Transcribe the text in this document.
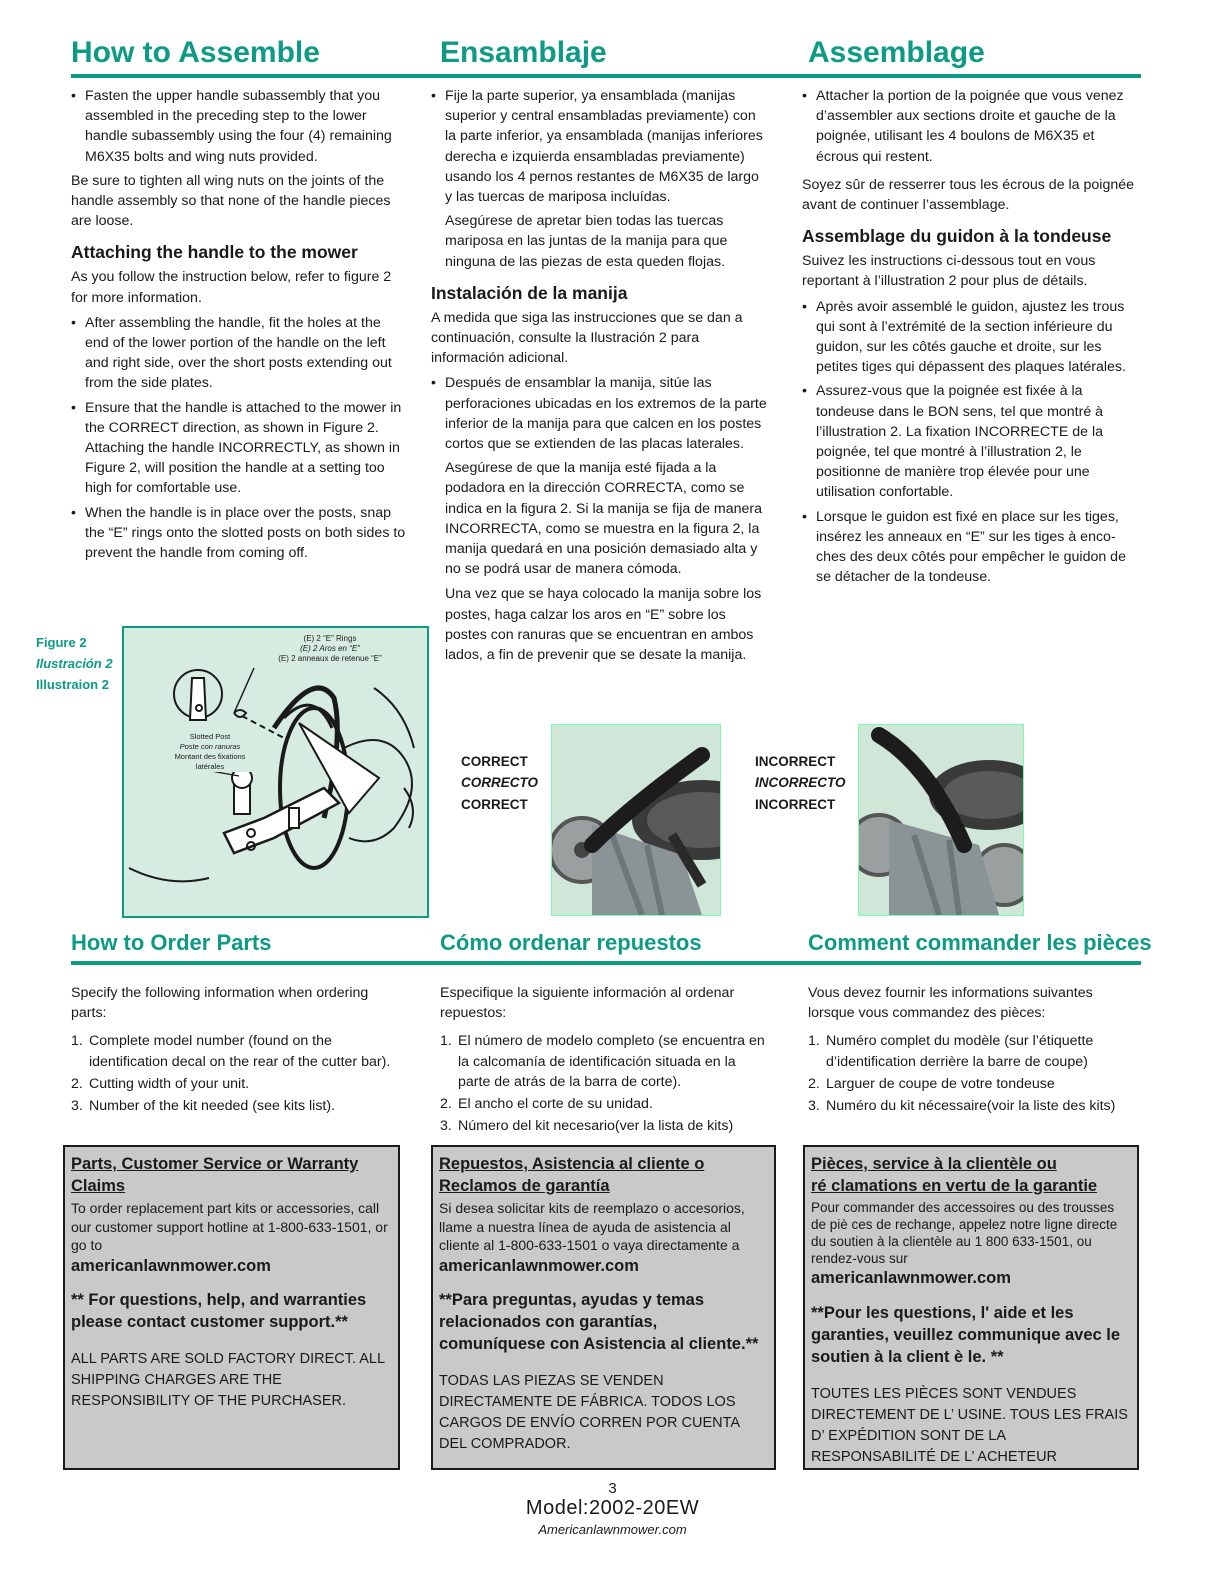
How to Assemble	Ensamblaje	Assemblage
• Fasten the upper handle subassembly that you assembled in the preceding step to the lower handle subassembly using the four (4) remaining M6X35 bolts and wing nuts provided.

Be sure to tighten all wing nuts on the joints of the handle assembly so that none of the handle pieces are loose.

Attaching the handle to the mower

As you follow the instruction below, refer to figure 2 for more information.

• After assembling the handle, fit the holes at the end of the lower portion of the handle on the left and right side, over the short posts extending out from the side plates.
• Ensure that the handle is attached to the mower in the CORRECT direction, as shown in Figure 2. Attaching the handle INCORRECTLY, as shown in Figure 2, will position the handle at a setting too high for comfortable use.
• When the handle is in place over the posts, snap the “E” rings onto the slotted posts on both sides to prevent the handle from coming off.
• Fije la parte superior, ya ensamblada (manijas superior y central ensambladas previamente) con la parte inferior, ya ensamblada (manijas inferiores derecha e izquierda ensambladas previamente) usando los 4 pernos restantes de M6X35 de largo y las tuercas de mariposa incluídas.

Asegúrese de apretar bien todas las tuercas mariposa en las juntas de la manija para que ninguna de las piezas de esta queden flojas.

Instalación de la manija

A medida que siga las instrucciones que se dan a continuación, consulte la Ilustración 2 para información adicional.

• Después de ensamblar la manija, sitúe las perforaciones ubicadas en los extremos de la parte inferior de la manija para que calcen en los postes cortos que se extienden de las placas laterales.

Asegúrese de que la manija esté fijada a la podadora en la dirección CORRECTA, como se indica en la figura 2. Si la manija se fija de manera INCORRECTA, como se muestra en la figura 2, la manija quedará en una posición demasiado alta y no se podrá usar de manera cómoda.

Una vez que se haya colocado la manija sobre los postes, haga calzar los aros en “E” sobre los postes con ranuras que se encuentran en ambos lados, a fin de prevenir que se desate la manija.

• Attacher la portion de la poignée que vous venez d’assembler aux sections droite et gauche de la poignée, utilisant les 4 boulons de M6X35 et écrous qui restent.

Soyez sûr de resserrer tous les écrous de la poignée avant de continuer l’assemblage.

Assemblage du guidon à la tondeuse

Suivez les instructions ci-dessous tout en vous reportant à l’illustration 2 pour plus de détails.

• Après avoir assemblé le guidon, ajustez les trous qui sont à l’extrémité de la section inférieure du guidon, sur les côtés gauche et droite, sur les petites tiges qui dépassent des plaques latérales.
• Assurez-vous que la poignée est fixée à la tondeuse dans le BON sens, tel que montré à l’illustration 2. La fixation INCORRECTE de la poignée, tel que montré à l’illustration 2, le positionne de manière trop élevée pour une utilisation confortable.
• Lorsque le guidon est fixé en place sur les tiges, insérez les anneaux en “E” sur les tiges à enco-ches des deux côtés pour empêcher le guidon de se détacher de la tondeuse.
Figure 2
Ilustración 2
Illustraion 2
(E) 2 “E” Rings
(E) 2 Aros en “E”
(E) 2 anneaux de retenue “E”
Slotted Post
Poste con ranuras
Montant des fixations
latérales	CORRECT
CORRECTO
CORRECT
INCORRECT
INCORRECTO
INCORRECT
How to Order Parts	Cómo ordenar repuestos	Comment commander les pièces

Specify the following information when ordering parts:

1. Complete model number (found on the identification decal on the rear of the cutter bar).
2. Cutting width of your unit.
3. Number of the kit needed (see kits list).

Especifique la siguiente información al ordenar repuestos:

1. El número de modelo completo (se encuentra en la calcomanía de identificación situada en la parte de atrás de la barra de corte).
2. El ancho el corte de su unidad.
3. Número del kit necesario(ver la lista de kits)

Vous devez fournir les informations suivantes lorsque vous commandez des pièces:

1. Numéro complet du modèle (sur l’étiquette d’identification derrière la barre de coupe)
2. Larguer de coupe de votre tondeuse
3. Numéro du kit nécessaire(voir la liste des kits)
Parts, Customer Service or Warranty
Claims
To order replacement part kits or accessories, call our customer support hotline at 1-800-633-1501, or go to
americanlawnmower.com
** For questions, help, and warranties please contact customer support.**
ALL PARTS ARE SOLD FACTORY DIRECT. ALL SHIPPING CHARGES ARE THE RESPONSIBILITY OF THE PURCHASER.
Repuestos, Asistencia al cliente o
Reclamos de garantía
Si desea solicitar kits de reemplazo o accesorios, llame a nuestra línea de ayuda de asistencia al cliente al 1-800-633-1501 o vaya directamente a
americanlawnmower.com
**Para preguntas, ayudas y temas relacionados con garantías, comuníquese con Asistencia al cliente.**
TODAS LAS PIEZAS SE VENDEN DIRECTAMENTE DE FÁBRICA. TODOS LOS CARGOS DE ENVÍO CORREN POR CUENTA DEL COMPRADOR.
Pièces, service à la clientèle ou
ré clamations en vertu de la garantie
Pour commander des accessoires ou des trousses de piè ces de rechange, appelez notre ligne directe du soutien à la clientèle au 1 800 633-1501, ou rendez-vous sur
americanlawnmower.com
**Pour les questions, l' aide et les garanties, veuillez communique avec le soutien à la client è le. **
TOUTES LES PIÈCES SONT VENDUES DIRECTEMENT DE L’ USINE. TOUS LES FRAIS D’ EXPÉDITION SONT DE LA RESPONSABILITÉ DE L’ ACHETEUR
3
Model:2002-20EW
Americanlawnmower.com
